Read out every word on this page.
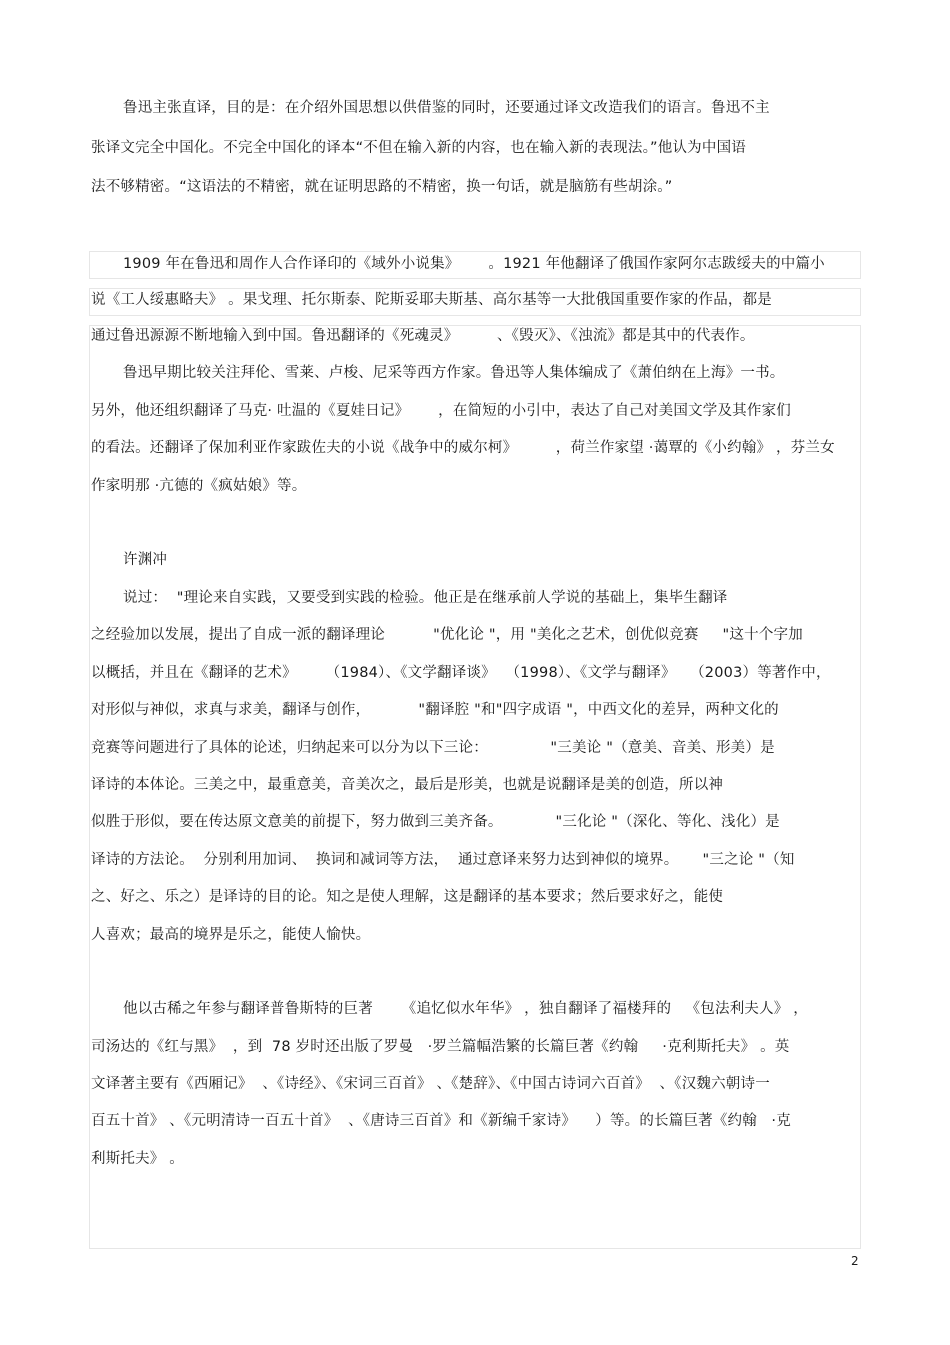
鲁迅主张直译，目的是：在介绍外国思想以供借鉴的同时，还要通过译文改造我们的语言。鲁迅不主
张译文完全中国化。不完全中国化的译本“不但在输入新的内容，也在输入新的表现法。”他认为中国语
法不够精密。“这语法的不精密，就在证明思路的不精密，换一句话，就是脑筋有些胡涂。”
1909 年在鲁迅和周作人合作译印的《域外小说集》      。1921 年他翻译了俄国作家阿尔志跋绥夫的中篇小
说《工人绥惠略夫》 。果戈理、托尔斯泰、陀斯妥耶夫斯基、高尔基等一大批俄国重要作家的作品，都是
通过鲁迅源源不断地输入到中国。鲁迅翻译的《死魂灵》        、《毁灭》、《浊流》都是其中的代表作。
鲁迅早期比较关注拜伦、雪莱、卢梭、尼采等西方作家。鲁迅等人集体编成了《萧伯纳在上海》一书。
另外，他还组织翻译了马克· 吐温的《夏娃日记》      ，在简短的小引中，表达了自己对美国文学及其作家们
的看法。还翻译了保加利亚作家跋佐夫的小说《战争中的威尔柯》        ，荷兰作家望 ·蔼覃的《小约翰》 ，芬兰女
作家明那 ·亢德的《疯姑娘》等。
许渊冲
说过：  "理论来自实践，又要受到实践的检验。他正是在继承前人学说的基础上，集毕生翻译
之经验加以发展，提出了自成一派的翻译理论          "优化论 "，用 "美化之艺术，创优似竞赛     "这十个字加
以概括，并且在《翻译的艺术》      （1984）、《文学翻译谈》  （1998）、《文学与翻译》   （2003）等著作中，
对形似与神似，求真与求美，翻译与创作，          "翻译腔 "和"四字成语 "，中西文化的差异，两种文化的
竞赛等问题进行了具体的论述，归纳起来可以分为以下三论：             "三美论 "（意美、音美、形美）是
译诗的本体论。三美之中，最重意美，音美次之，最后是形美，也就是说翻译是美的创造，所以神
似胜于形似，要在传达原文意美的前提下，努力做到三美齐备。           "三化论 "（深化、等化、浅化）是
译诗的方法论。  分别利用加词、  换词和减词等方法，  通过意译来努力达到神似的境界。     "三之论 "（知
之、好之、乐之）是译诗的目的论。知之是使人理解，这是翻译的基本要求；然后要求好之，能使
人喜欢；最高的境界是乐之，能使人愉快。
他以古稀之年参与翻译普鲁斯特的巨著      《追忆似水年华》 ，独自翻译了福楼拜的   《包法利夫人》 ，
司汤达的《红与黑》  ，到  78 岁时还出版了罗曼   ·罗兰篇幅浩繁的长篇巨著《约翰     ·克利斯托夫》 。英
文译著主要有《西厢记》  、《诗经》、《宋词三百首》 、《楚辞》、《中国古诗词六百首》  、《汉魏六朝诗一
百五十首》 、《元明清诗一百五十首》  、《唐诗三百首》和《新编千家诗》    ）等。的长篇巨著《约翰   ·克
利斯托夫》 。
2
